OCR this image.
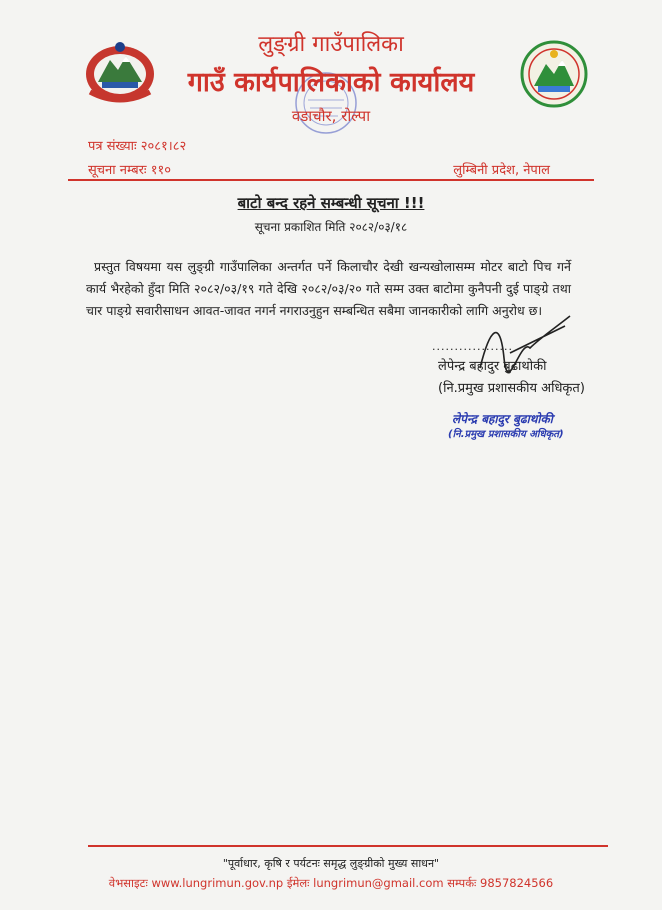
लुङ्ग्री गाउँपालिका
गाउँ कार्यपालिकाको कार्यालय
वडाचौर, रोल्पा
पत्र संख्याः २०८१।८२
सूचना नम्बरः ११०	लुम्बिनी प्रदेश, नेपाल
बाटो बन्द रहने सम्बन्धी सूचना !!!
सूचना प्रकाशित मिति २०८२/०३/१८
प्रस्तुत विषयमा यस लुङ्ग्री गाउँपालिका अन्तर्गत पर्ने किलाचौर देखी खन्यखोलासम्म मोटर बाटो पिच गर्ने कार्य भैरहेको हुँदा मिति २०८२/०३/१९ गते देखि २०८२/०३/२० गते सम्म उक्त बाटोमा कुनैपनी दुई पाङ्ग्रे तथा चार पाङ्ग्रे सवारीसाधन आवत-जावत नगर्न नगराउनुहुन सम्बन्धित सबैमा जानकारीको लागि अनुरोध छ।
..................
लेपेन्द्र बहादुर बुढाथोकी
(नि.प्रमुख प्रशासकीय अधिकृत)
लेपेन्द्र बहादुर बुढाथोकी
(नि.प्रमुख प्रशासकीय अधिकृत)
"पूर्वाधार, कृषि र पर्यटनः समृद्ध लुङ्ग्रीको मुख्य साधन"
वेभसाइटः www.lungrimun.gov.np ईमेलः lungrimun@gmail.com सम्पर्कः 9857824566
